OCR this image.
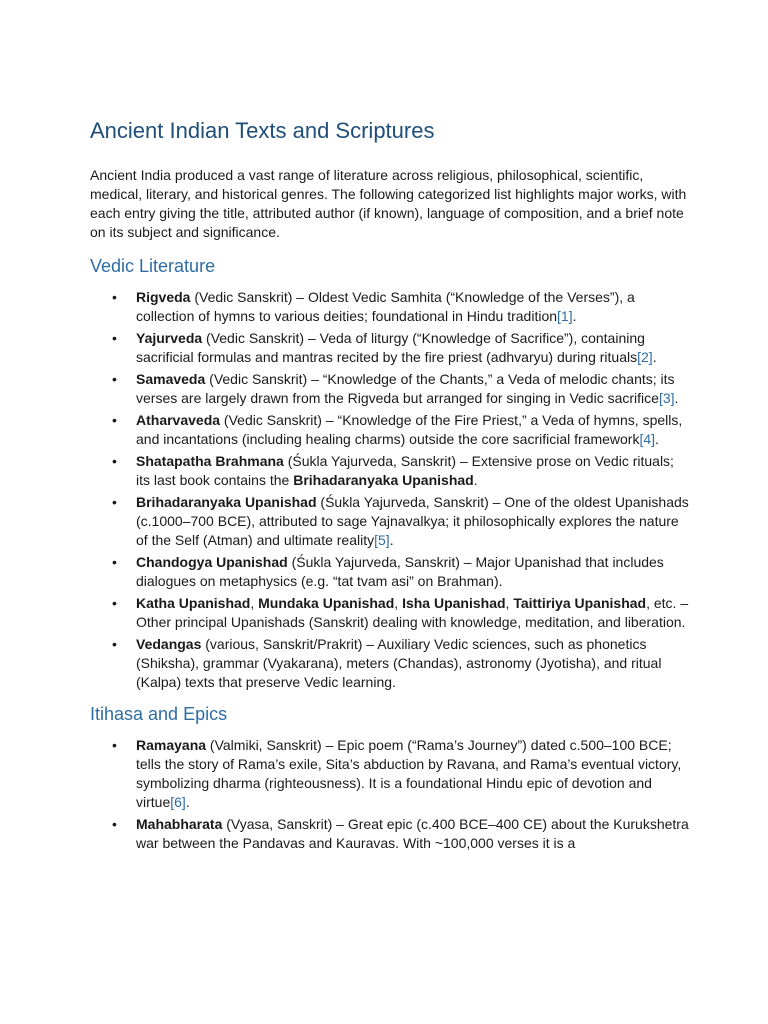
Ancient Indian Texts and Scriptures

Ancient India produced a vast range of literature across religious, philosophical, scientific, medical, literary, and historical genres. The following categorized list highlights major works, with each entry giving the title, attributed author (if known), language of composition, and a brief note on its subject and significance.

Vedic Literature
• Rigveda (Vedic Sanskrit) – Oldest Vedic Samhita (“Knowledge of the Verses”), a collection of hymns to various deities; foundational in Hindu tradition[1].
• Yajurveda (Vedic Sanskrit) – Veda of liturgy (“Knowledge of Sacrifice”), containing sacrificial formulas and mantras recited by the fire priest (adhvaryu) during rituals[2].
• Samaveda (Vedic Sanskrit) – “Knowledge of the Chants,” a Veda of melodic chants; its verses are largely drawn from the Rigveda but arranged for singing in Vedic sacrifice[3].
• Atharvaveda (Vedic Sanskrit) – “Knowledge of the Fire Priest,” a Veda of hymns, spells, and incantations (including healing charms) outside the core sacrificial framework[4].
• Shatapatha Brahmana (Śukla Yajurveda, Sanskrit) – Extensive prose on Vedic rituals; its last book contains the Brihadaranyaka Upanishad.
• Brihadaranyaka Upanishad (Śukla Yajurveda, Sanskrit) – One of the oldest Upanishads (c.1000–700 BCE), attributed to sage Yajnavalkya; it philosophically explores the nature of the Self (Atman) and ultimate reality[5].
• Chandogya Upanishad (Śukla Yajurveda, Sanskrit) – Major Upanishad that includes dialogues on metaphysics (e.g. “tat tvam asi” on Brahman).
• Katha Upanishad, Mundaka Upanishad, Isha Upanishad, Taittiriya Upanishad, etc. – Other principal Upanishads (Sanskrit) dealing with knowledge, meditation, and liberation.
• Vedangas (various, Sanskrit/Prakrit) – Auxiliary Vedic sciences, such as phonetics (Shiksha), grammar (Vyakarana), meters (Chandas), astronomy (Jyotisha), and ritual (Kalpa) texts that preserve Vedic learning.
Itihasa and Epics
• Ramayana (Valmiki, Sanskrit) – Epic poem (“Rama’s Journey”) dated c.500–100 BCE; tells the story of Rama’s exile, Sita’s abduction by Ravana, and Rama’s eventual victory, symbolizing dharma (righteousness). It is a foundational Hindu epic of devotion and virtue[6].
• Mahabharata (Vyasa, Sanskrit) – Great epic (c.400 BCE–400 CE) about the Kurukshetra war between the Pandavas and Kauravas. With ~100,000 verses it is a
